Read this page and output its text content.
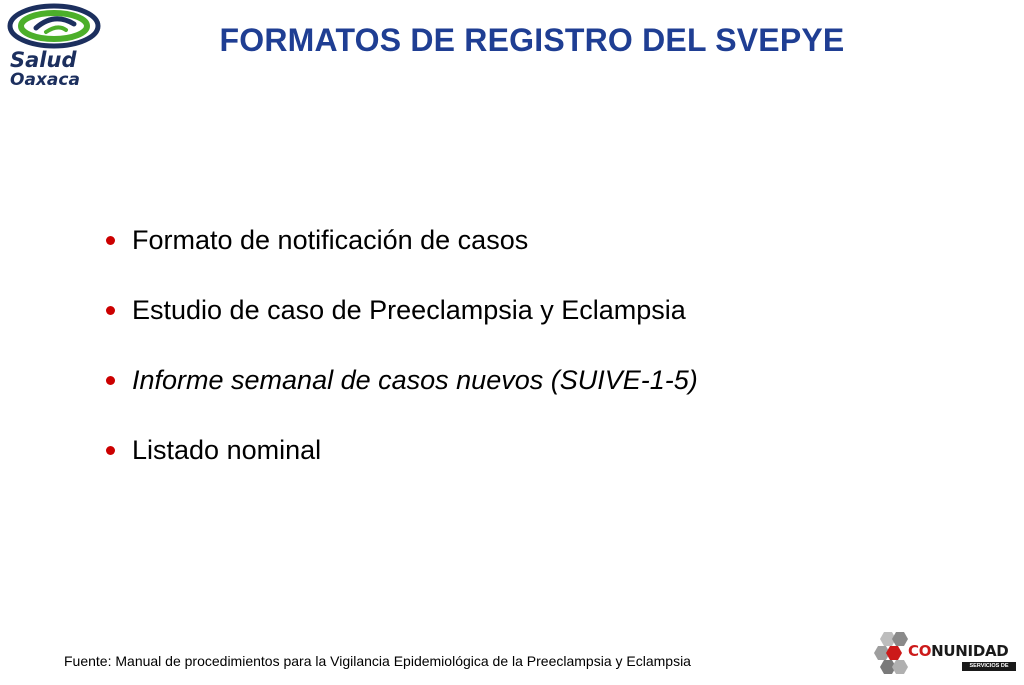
Salud
Oaxaca
FORMATOS DE REGISTRO DEL SVEPYE
Formato de notificación de casos
Estudio de caso de Preeclampsia y Eclampsia
Informe semanal de casos nuevos (SUIVE-1-5)
Listado nominal
Fuente: Manual de procedimientos para la Vigilancia Epidemiológica de la Preeclampsia y Eclampsia
CONUNIDAD
SERVICIOS DE SALUD
